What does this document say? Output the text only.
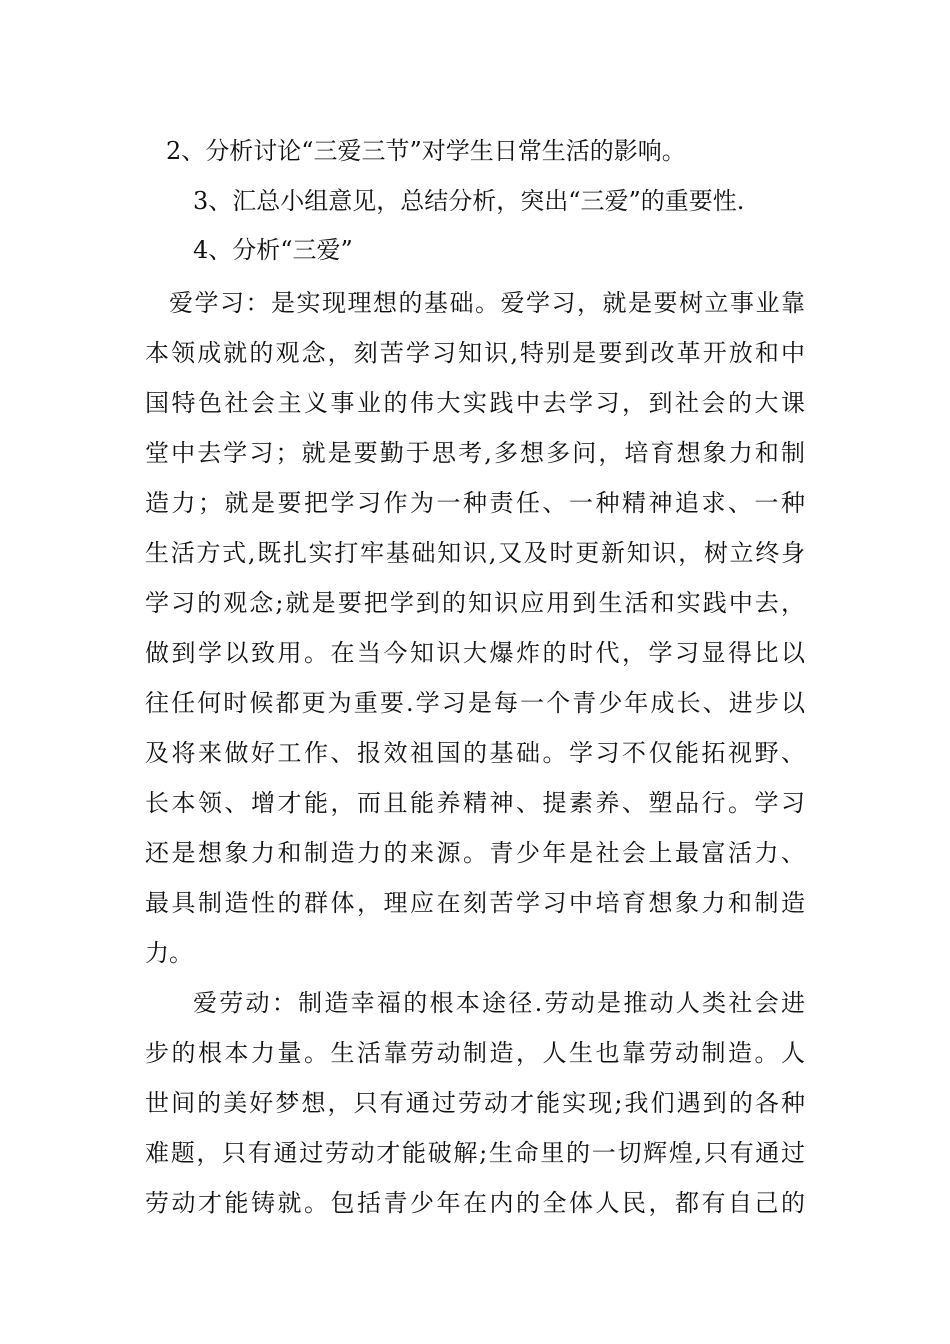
2、分析讨论“三爱三节”对学生日常生活的影响。

3、汇总小组意见，总结分析，突出“三爱”的重要性.

4、分析“三爱”

爱学习：是实现理想的基础。爱学习，就是要树立事业靠

本领成就的观念，刻苦学习知识,特别是要到改革开放和中

国特色社会主义事业的伟大实践中去学习，到社会的大课

堂中去学习；就是要勤于思考,多想多问，培育想象力和制

造力；就是要把学习作为一种责任、一种精神追求、一种

生活方式,既扎实打牢基础知识,又及时更新知识，树立终身

学习的观念;就是要把学到的知识应用到生活和实践中去，

做到学以致用。在当今知识大爆炸的时代，学习显得比以

往任何时候都更为重要.学习是每一个青少年成长、进步以

及将来做好工作、报效祖国的基础。学习不仅能拓视野、

长本领、增才能，而且能养精神、提素养、塑品行。学习

还是想象力和制造力的来源。青少年是社会上最富活力、

最具制造性的群体，理应在刻苦学习中培育想象力和制造

力。

爱劳动：制造幸福的根本途径.劳动是推动人类社会进

步的根本力量。生活靠劳动制造，人生也靠劳动制造。人

世间的美好梦想，只有通过劳动才能实现;我们遇到的各种

难题，只有通过劳动才能破解;生命里的一切辉煌,只有通过

劳动才能铸就。包括青少年在内的全体人民，都有自己的
